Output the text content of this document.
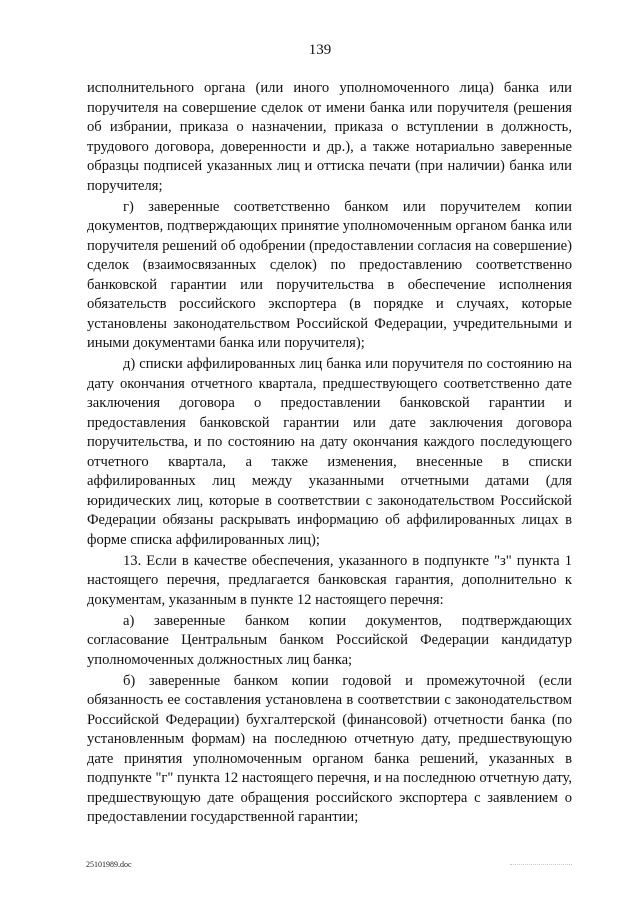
139

исполнительного органа (или иного уполномоченного лица) банка или поручителя на совершение сделок от имени банка или поручителя (решения об избрании, приказа о назначении, приказа о вступлении в должность, трудового договора, доверенности и др.), а также нотариально заверенные образцы подписей указанных лиц и оттиска печати (при наличии) банка или поручителя;

г) заверенные соответственно банком или поручителем копии документов, подтверждающих принятие уполномоченным органом банка или поручителя решений об одобрении (предоставлении согласия на совершение) сделок (взаимосвязанных сделок) по предоставлению соответственно банковской гарантии или поручительства в обеспечение исполнения обязательств российского экспортера (в порядке и случаях, которые установлены законодательством Российской Федерации, учредительными и иными документами банка или поручителя);

д) списки аффилированных лиц банка или поручителя по состоянию на дату окончания отчетного квартала, предшествующего соответственно дате заключения договора о предоставлении банковской гарантии и предоставления банковской гарантии или дате заключения договора поручительства, и по состоянию на дату окончания каждого последующего отчетного квартала, а также изменения, внесенные в списки аффилированных лиц между указанными отчетными датами (для юридических лиц, которые в соответствии с законодательством Российской Федерации обязаны раскрывать информацию об аффилированных лицах в форме списка аффилированных лиц);

13. Если в качестве обеспечения, указанного в подпункте "з" пункта 1 настоящего перечня, предлагается банковская гарантия, дополнительно к документам, указанным в пункте 12 настоящего перечня:

а) заверенные банком копии документов, подтверждающих согласование Центральным банком Российской Федерации кандидатур уполномоченных должностных лиц банка;

б) заверенные банком копии годовой и промежуточной (если обязанность ее составления установлена в соответствии с законодательством Российской Федерации) бухгалтерской (финансовой) отчетности банка (по установленным формам) на последнюю отчетную дату, предшествующую дате принятия уполномоченным органом банка решений, указанных в подпункте "г" пункта 12 настоящего перечня, и на последнюю отчетную дату, предшествующую дате обращения российского экспортера с заявлением о предоставлении государственной гарантии;

25101989.doc
